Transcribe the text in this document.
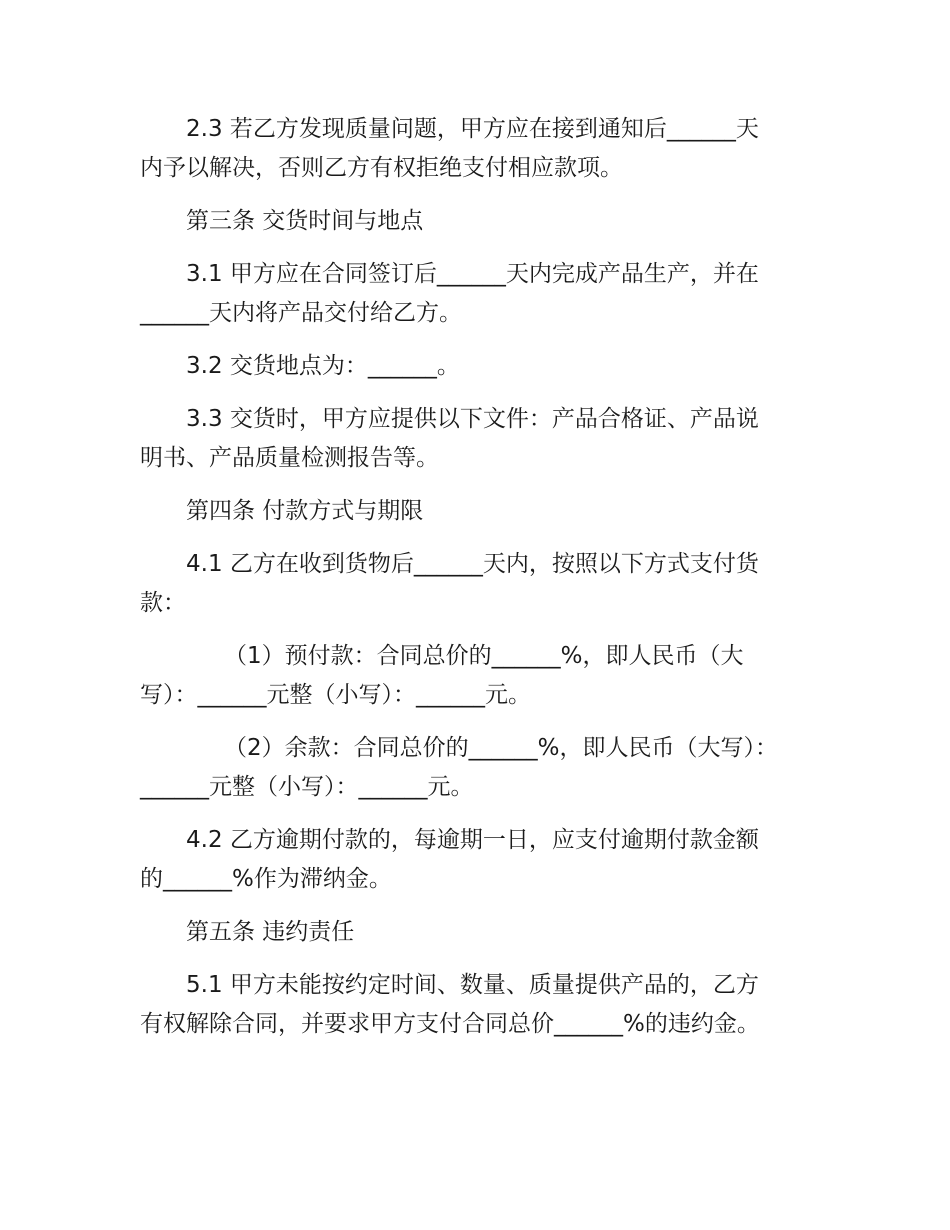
2.3 若乙方发现质量问题，甲方应在接到通知后______天

内予以解决，否则乙方有权拒绝支付相应款项。

第三条 交货时间与地点

3.1 甲方应在合同签订后______天内完成产品生产，并在

______天内将产品交付给乙方。

3.2 交货地点为：______。

3.3 交货时，甲方应提供以下文件：产品合格证、产品说

明书、产品质量检测报告等。

第四条 付款方式与期限

4.1 乙方在收到货物后______天内，按照以下方式支付货

款：

（1）预付款：合同总价的______%，即人民币（大

写）：______元整（小写）：______元。

（2）余款：合同总价的______%，即人民币（大写）：

______元整（小写）：______元。

4.2 乙方逾期付款的，每逾期一日，应支付逾期付款金额

的______%作为滞纳金。

第五条 违约责任

5.1 甲方未能按约定时间、数量、质量提供产品的，乙方

有权解除合同，并要求甲方支付合同总价______%的违约金。
